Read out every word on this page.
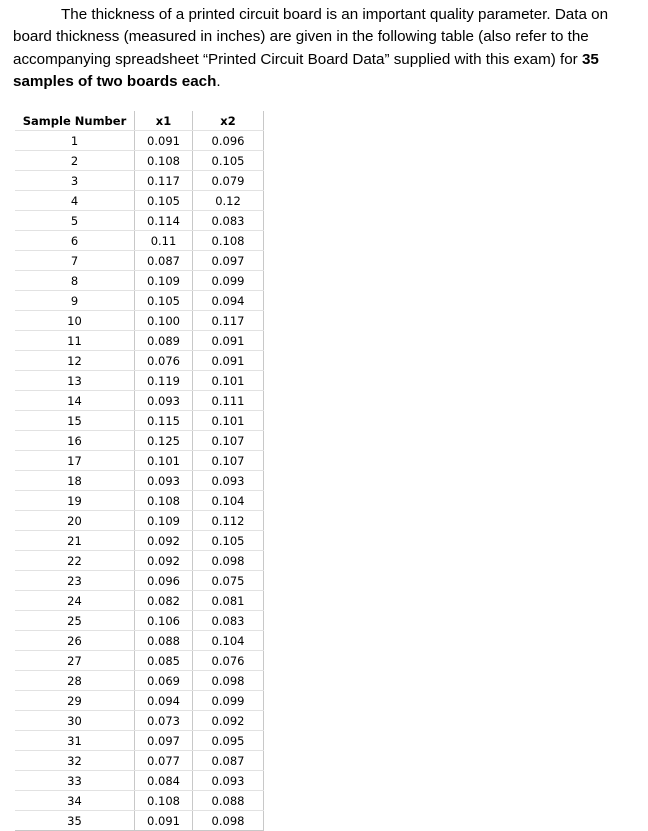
The thickness of a printed circuit board is an important quality parameter. Data on board thickness (measured in inches) are given in the following table (also refer to the accompanying spreadsheet “Printed Circuit Board Data” supplied with this exam) for 35 samples of two boards each.

Sample Number	x1	x2
1	0.091	0.096
2	0.108	0.105
3	0.117	0.079
4	0.105	0.12
5	0.114	0.083
6	0.11	0.108
7	0.087	0.097
8	0.109	0.099
9	0.105	0.094
10	0.100	0.117
11	0.089	0.091
12	0.076	0.091
13	0.119	0.101
14	0.093	0.111
15	0.115	0.101
16	0.125	0.107
17	0.101	0.107
18	0.093	0.093
19	0.108	0.104
20	0.109	0.112
21	0.092	0.105
22	0.092	0.098
23	0.096	0.075
24	0.082	0.081
25	0.106	0.083
26	0.088	0.104
27	0.085	0.076
28	0.069	0.098
29	0.094	0.099
30	0.073	0.092
31	0.097	0.095
32	0.077	0.087
33	0.084	0.093
34	0.108	0.088
35	0.091	0.098
